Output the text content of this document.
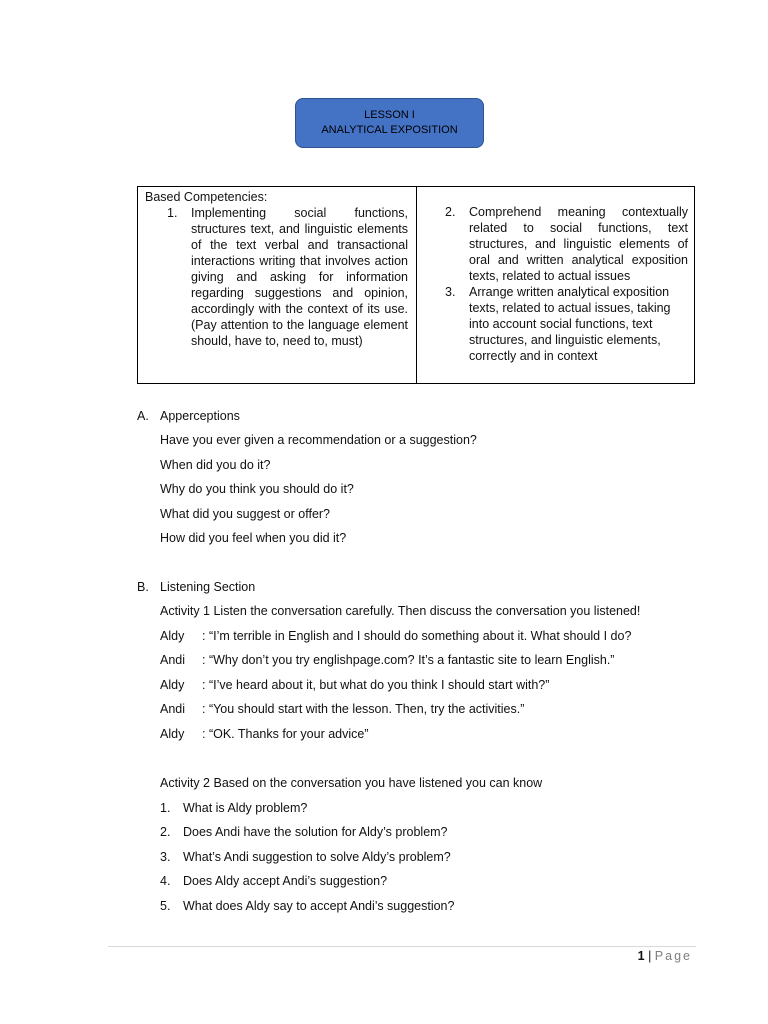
LESSON I
ANALYTICAL EXPOSITION
Based Competencies:
1.	Implementing social functions, structures text, and linguistic elements of the text verbal and transactional interactions writing that involves action giving and asking for information regarding suggestions and opinion, accordingly with the context of its use. (Pay attention to the language element should, have to, need to, must)
2.	Comprehend meaning contextually related to social functions, text structures, and linguistic elements of oral and written analytical exposition texts, related to actual issues
3.	Arrange written analytical exposition texts, related to actual issues, taking into account social functions, text structures, and linguistic elements, correctly and in context
A. Apperceptions
Have you ever given a recommendation or a suggestion?
When did you do it?
Why do you think you should do it?
What did you suggest or offer?
How did you feel when you did it?
B. Listening Section
Activity 1 Listen the conversation carefully. Then discuss the conversation you listened!
Aldy	: “I’m terrible in English and I should do something about it. What should I do?
Andi	: “Why don’t you try englishpage.com? It’s a fantastic site to learn English.”
Aldy	: “I’ve heard about it, but what do you think I should start with?”
Andi	: “You should start with the lesson. Then, try the activities.”
Aldy	: “OK. Thanks for your advice”
Activity 2 Based on the conversation you have listened you can know
1.	What is Aldy problem?
2.	Does Andi have the solution for Aldy’s problem?
3.	What’s Andi suggestion to solve Aldy’s problem?
4.	Does Aldy accept Andi’s suggestion?
5.	What does Aldy say to accept Andi’s suggestion?
1 | Page
